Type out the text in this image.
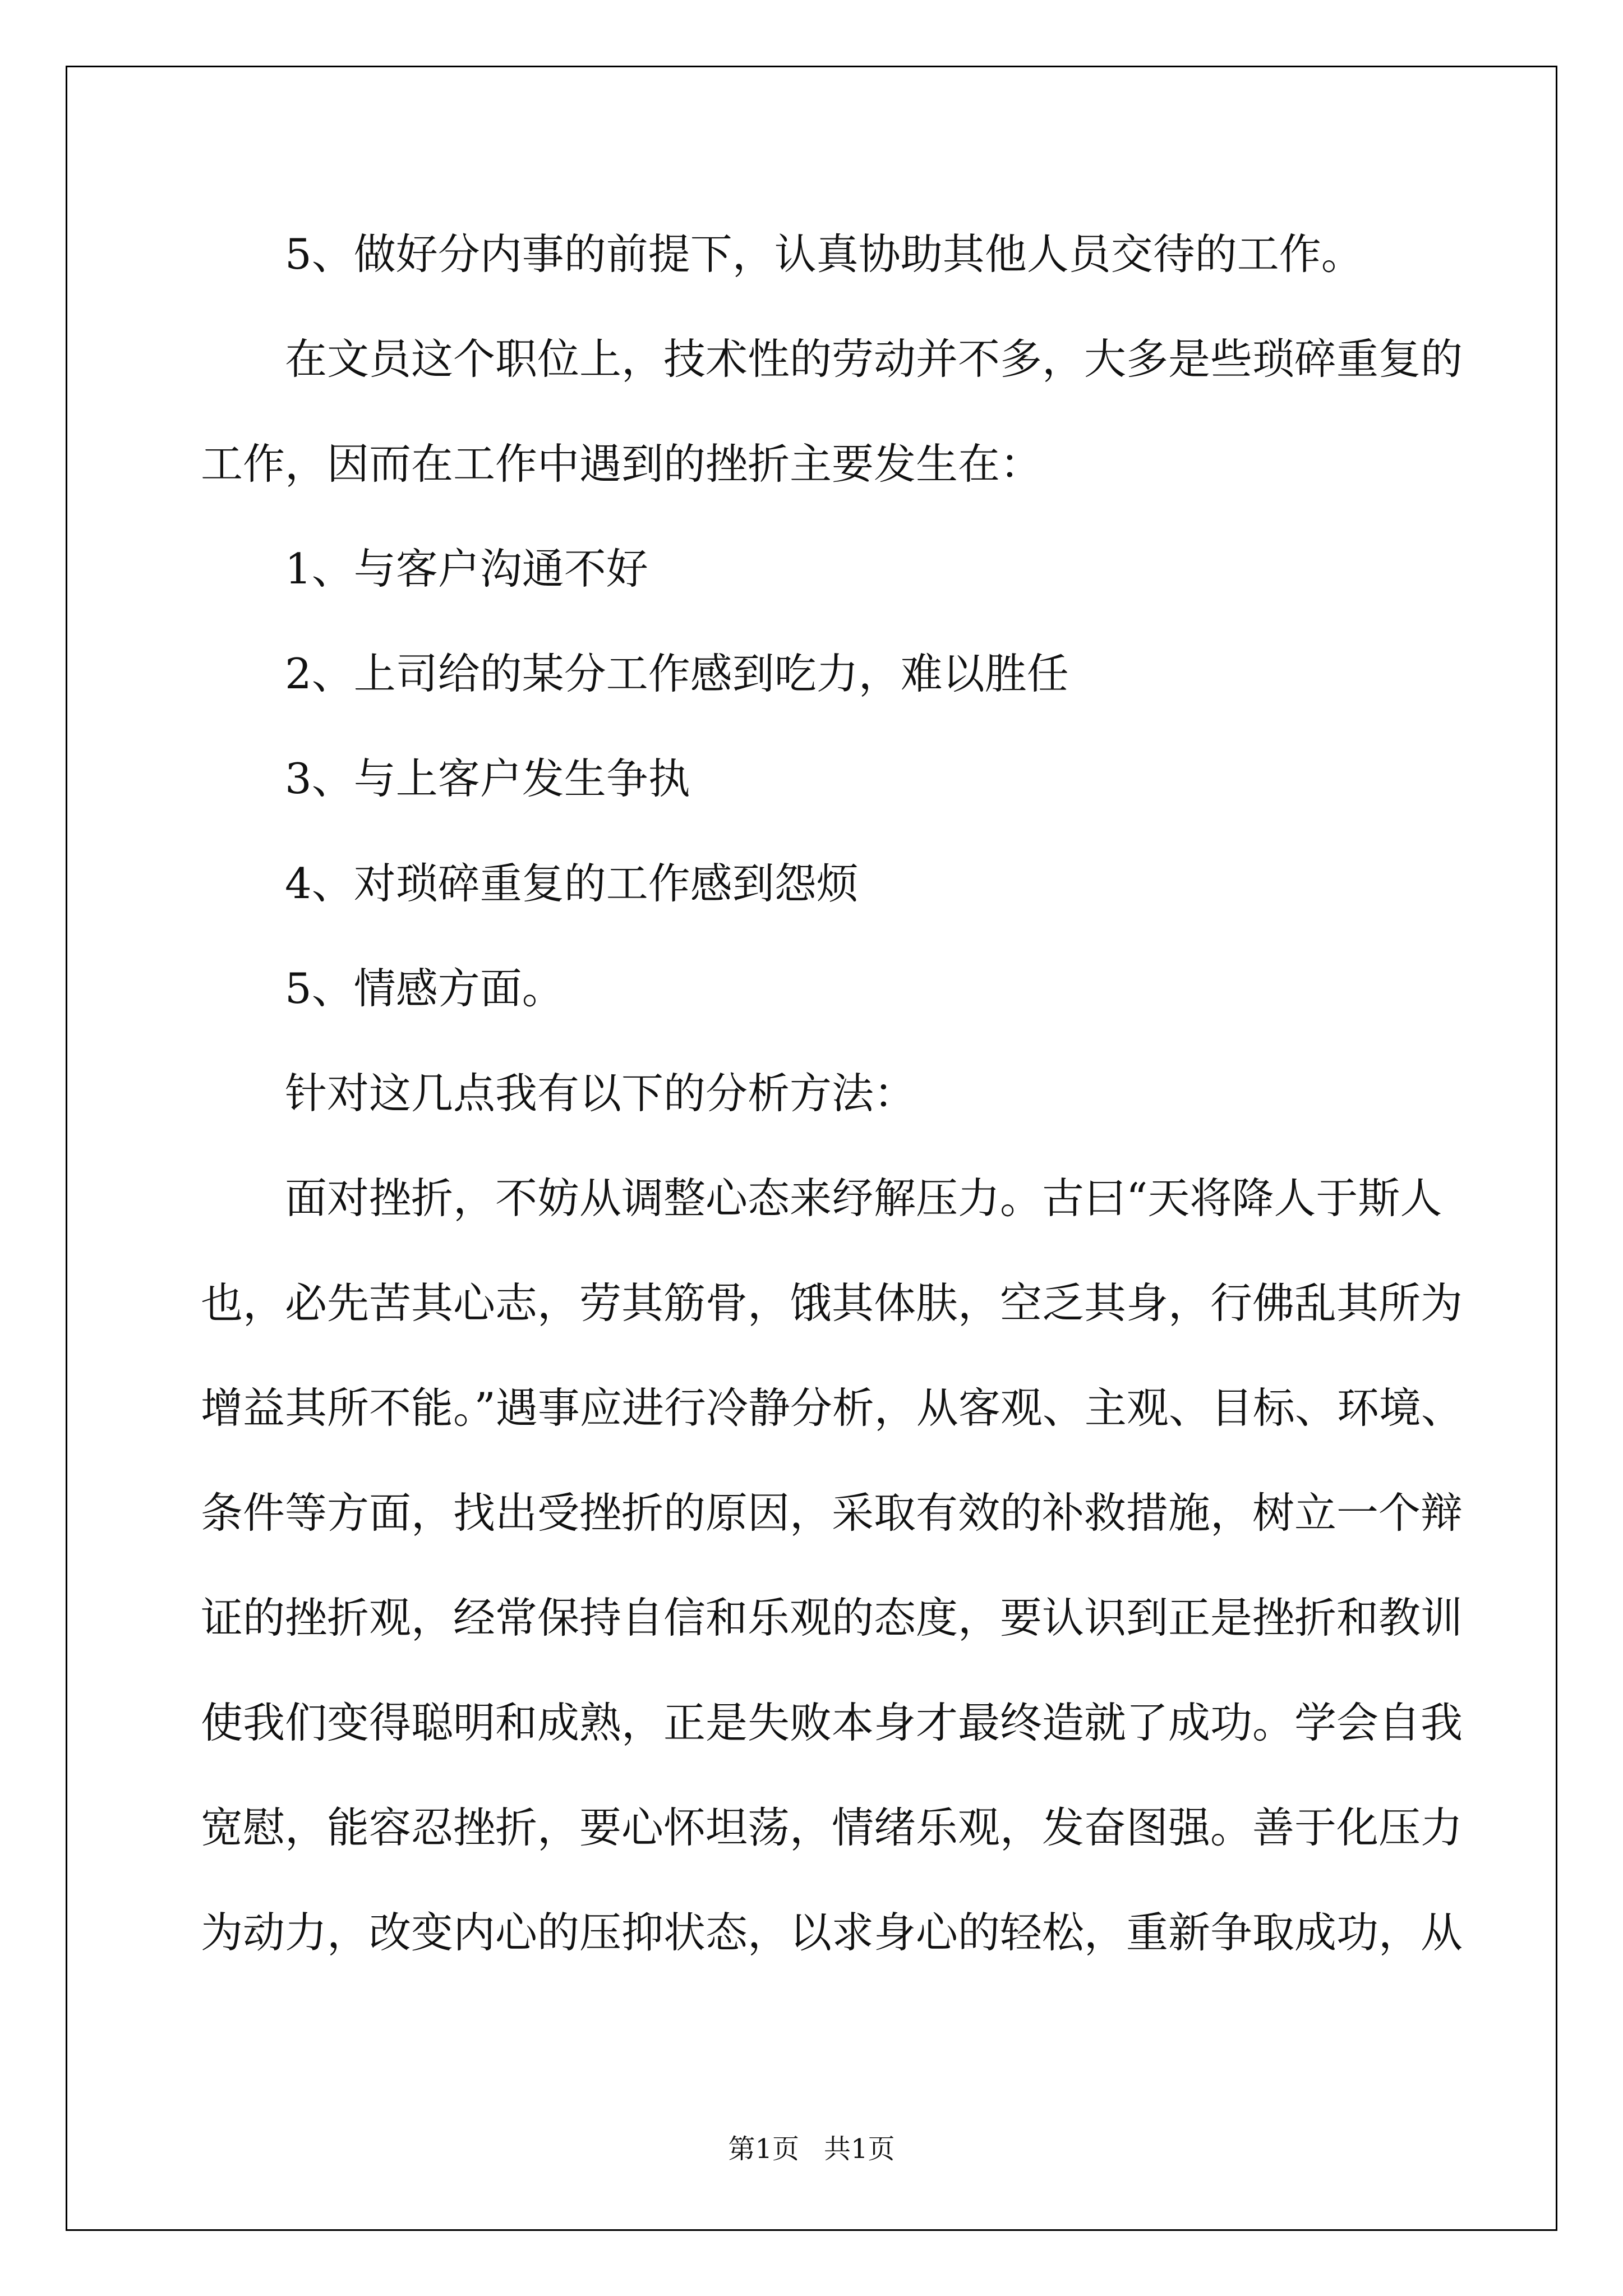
5、做好分内事的前提下，认真协助其他人员交待的工作。
在文员这个职位上，技术性的劳动并不多，大多是些琐碎重复的
工作，因而在工作中遇到的挫折主要发生在：
1、与客户沟通不好
2、上司给的某分工作感到吃力，难以胜任
3、与上客户发生争执
4、对琐碎重复的工作感到怨烦
5、情感方面。
针对这几点我有以下的分析方法：
面对挫折，不妨从调整心态来纾解压力。古曰“天将降人于斯人
也，必先苦其心志，劳其筋骨，饿其体肤，空乏其身，行佛乱其所为
增益其所不能。”遇事应进行冷静分析，从客观、主观、目标、环境、
条件等方面，找出受挫折的原因，采取有效的补救措施，树立一个辩
证的挫折观，经常保持自信和乐观的态度，要认识到正是挫折和教训
使我们变得聪明和成熟，正是失败本身才最终造就了成功。学会自我
宽慰，能容忍挫折，要心怀坦荡，情绪乐观，发奋图强。善于化压力
为动力，改变内心的压抑状态，以求身心的轻松，重新争取成功，从
第1页 共1页
